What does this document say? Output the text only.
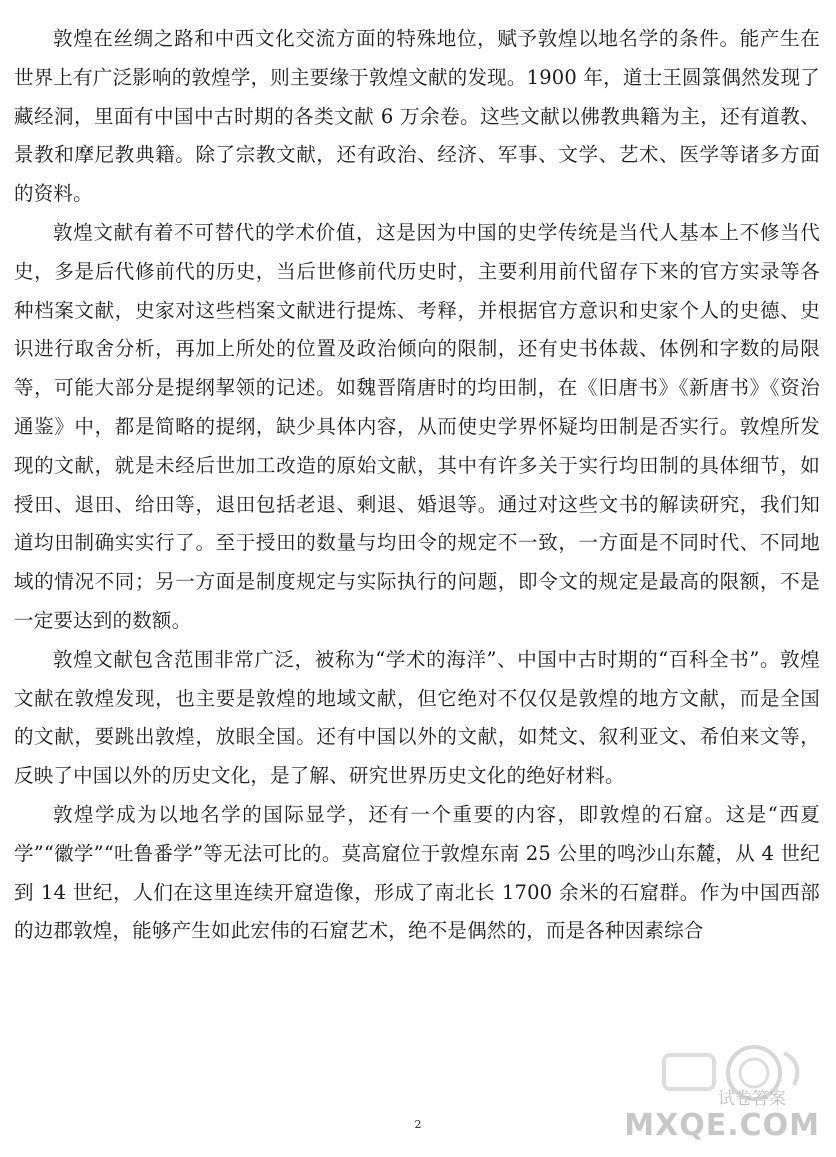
敦煌在丝绸之路和中西文化交流方面的特殊地位，赋予敦煌以地名学的条件。能产生在世界上有广泛影响的敦煌学，则主要缘于敦煌文献的发现。1900 年，道士王圆箓偶然发现了藏经洞，里面有中国中古时期的各类文献 6 万余卷。这些文献以佛教典籍为主，还有道教、景教和摩尼教典籍。除了宗教文献，还有政治、经济、军事、文学、艺术、医学等诸多方面的资料。

敦煌文献有着不可替代的学术价值，这是因为中国的史学传统是当代人基本上不修当代史，多是后代修前代的历史，当后世修前代历史时，主要利用前代留存下来的官方实录等各种档案文献，史家对这些档案文献进行提炼、考释，并根据官方意识和史家个人的史德、史识进行取舍分析，再加上所处的位置及政治倾向的限制，还有史书体裁、体例和字数的局限等，可能大部分是提纲挈领的记述。如魏晋隋唐时的均田制，在《旧唐书》《新唐书》《资治通鉴》中，都是简略的提纲，缺少具体内容，从而使史学界怀疑均田制是否实行。敦煌所发现的文献，就是未经后世加工改造的原始文献，其中有许多关于实行均田制的具体细节，如授田、退田、给田等，退田包括老退、剩退、婚退等。通过对这些文书的解读研究，我们知道均田制确实实行了。至于授田的数量与均田令的规定不一致，一方面是不同时代、不同地域的情况不同；另一方面是制度规定与实际执行的问题，即令文的规定是最高的限额，不是一定要达到的数额。

敦煌文献包含范围非常广泛，被称为“学术的海洋”、中国中古时期的“百科全书”。敦煌文献在敦煌发现，也主要是敦煌的地域文献，但它绝对不仅仅是敦煌的地方文献，而是全国的文献，要跳出敦煌，放眼全国。还有中国以外的文献，如梵文、叙利亚文、希伯来文等，反映了中国以外的历史文化，是了解、研究世界历史文化的绝好材料。

敦煌学成为以地名学的国际显学，还有一个重要的内容，即敦煌的石窟。这是“西夏学”“徽学”“吐鲁番学”等无法可比的。莫高窟位于敦煌东南 25 公里的鸣沙山东麓，从 4 世纪到 14 世纪，人们在这里连续开窟造像，形成了南北长 1700 余米的石窟群。作为中国西部的边郡敦煌，能够产生如此宏伟的石窟艺术，绝不是偶然的，而是各种因素综合

2
试卷答案
MXQE.COM
